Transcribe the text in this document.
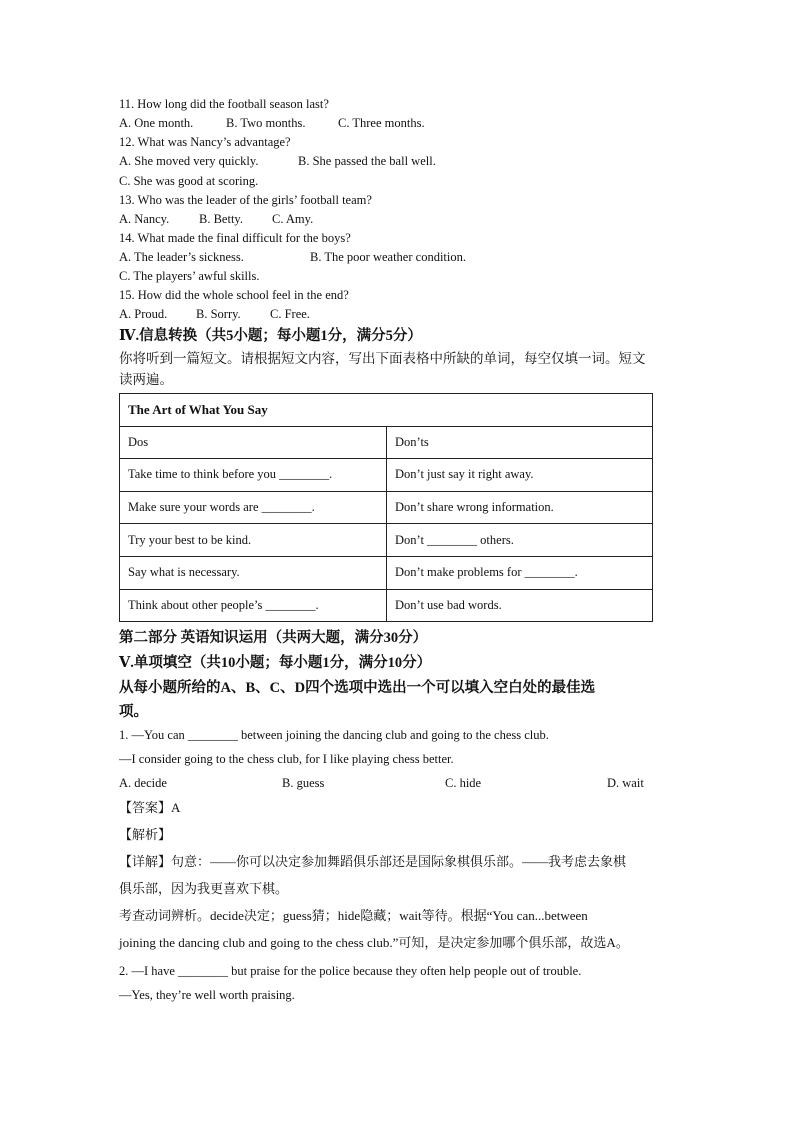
11. How long did the football season last?
A. One month.	B. Two months.	C. Three months.
12. What was Nancy’s advantage?
A. She moved very quickly.	B. She passed the ball well.
C. She was good at scoring.
13. Who was the leader of the girls’ football team?
A. Nancy. B. Betty. C. Amy.
14. What made the final difficult for the boys?
A. The leader’s sickness.	B. The poor weather condition.
C. The players’ awful skills.
15. How did the whole school feel in the end?
A. Proud. B. Sorry. C. Free.
Ⅳ.信息转换（共5小题；每小题1分，满分5分）
你将听到一篇短文。请根据短文内容，写出下面表格中所缺的单词，每空仅填一词。短文
读两遍。
The Art of What You Say	
Dos	Don’ts
Take time to think before you ________.	Don’t just say it right away.
Make sure your words are ________.	Don’t share wrong information.
Try your best to be kind.	Don’t ________ others.
Say what is necessary.	Don’t make problems for ________.
Think about other people’s ________.	Don’t use bad words.
第二部分 英语知识运用（共两大题，满分30分）
Ⅴ.单项填空（共10小题；每小题1分，满分10分）
从每小题所给的A、B、C、D四个选项中选出一个可以填入空白处的最佳选
项。
1. —You can ________ between joining the dancing club and going to the chess club.
—I consider going to the chess club, for I like playing chess better.
A. decide	B. guess	C. hide	D. wait
【答案】A
【解析】
【详解】句意：——你可以决定参加舞蹈俱乐部还是国际象棋俱乐部。——我考虑去象棋
俱乐部，因为我更喜欢下棋。
考查动词辨析。decide决定；guess猜；hide隐藏；wait等待。根据“You can...between
joining the dancing club and going to the chess club.”可知，是决定参加哪个俱乐部，故选A。
2. —I have ________ but praise for the police because they often help people out of trouble.
—Yes, they’re well worth praising.
